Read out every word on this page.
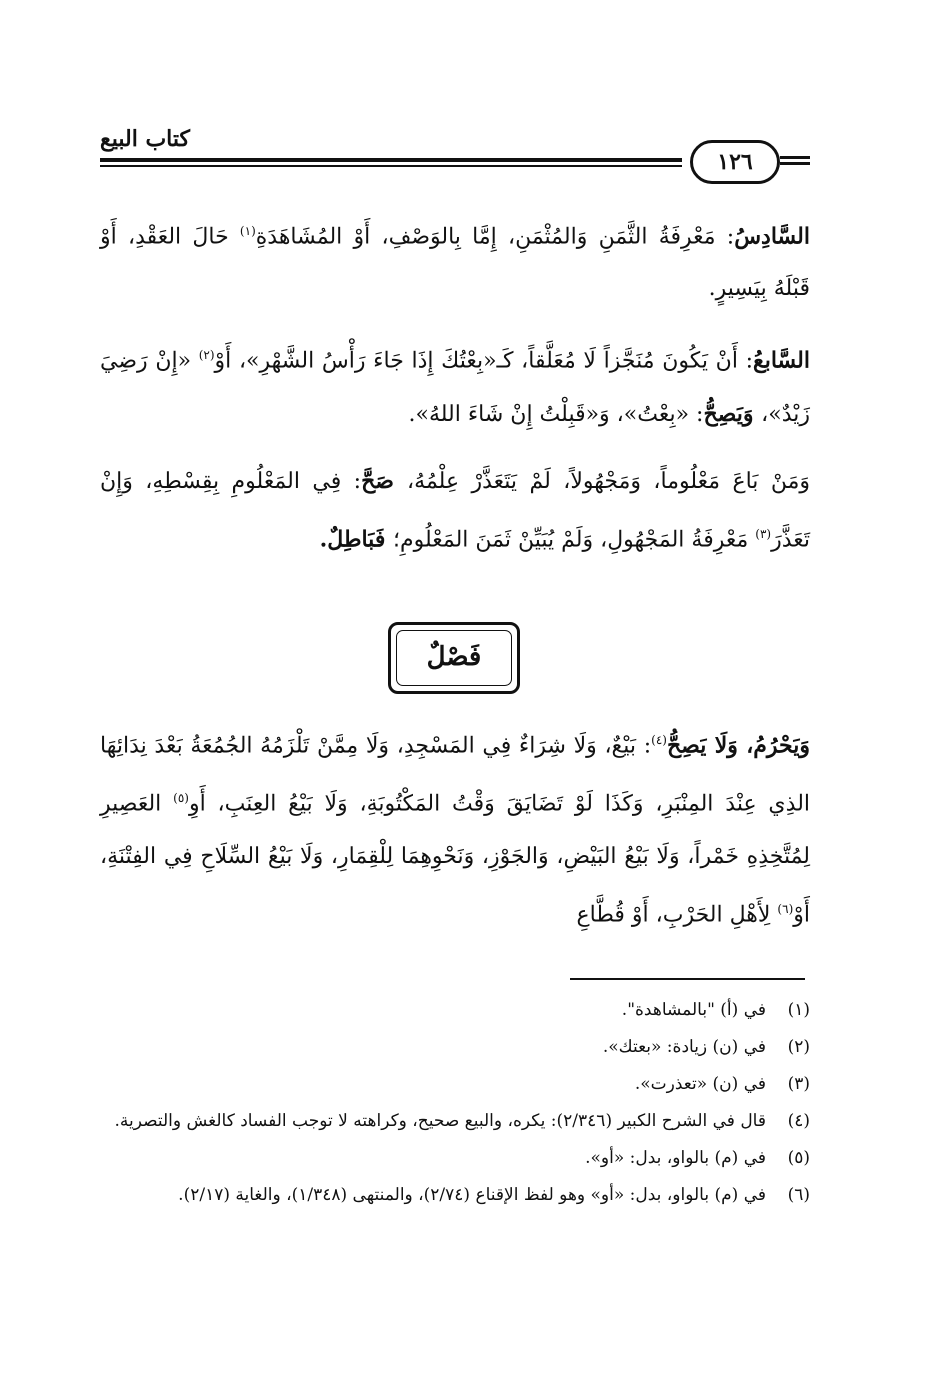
كتاب البيع
١٢٦

السَّادِسُ: مَعْرِفَةُ الثَّمَنِ وَالمُثْمَنِ، إِمَّا بِالوَصْفِ، أَوْ المُشَاهَدَةِ$^{(١)}$ حَالَ العَقْدِ، أَوْ قَبْلَهُ بِيَسِيرٍ.

السَّابعُ: أَنْ يَكُونَ مُنَجَّزاً لَا مُعَلَّقاً، كَـ«بِعْتُكَ إِذَا جَاءَ رَأْسُ الشَّهْرِ»، أَوْ$^{(٢)}$ «إِنْ رَضِيَ زَيْدٌ»، وَيَصِحُّ: «بِعْتُ»، وَ«قَبِلْتُ إِنْ شَاءَ اللهُ».

وَمَنْ بَاعَ مَعْلُوماً، وَمَجْهُولاً، لَمْ يَتَعَذَّرْ عِلْمُهُ، صَحَّ: فِي المَعْلُومِ بِقِسْطِهِ، وَإِنْ تَعَذَّرَ$^{(٣)}$ مَعْرِفَةُ المَجْهُولِ، وَلَمْ يُبَيِّنْ ثَمَنَ المَعْلُومِ؛ فَبَاطِلٌ.

فَصْلٌ

وَيَحْرُمُ، وَلَا يَصِحُّ$^{(٤)}$: بَيْعٌ، وَلَا شِرَاءٌ فِي المَسْجِدِ، وَلَا مِمَّنْ تَلْزَمُهُ الجُمُعَةُ بَعْدَ نِدَائِهَا الذِي عِنْدَ المِنْبَرِ، وَكَذَا لَوْ تَضَايَقَ وَقْتُ المَكْتُوبَةِ، وَلَا بَيْعُ العِنَبِ، أَوِ$^{(٥)}$ العَصِيرِ لِمُتَّخِذِهِ خَمْراً، وَلَا بَيْعُ البَيْضِ، وَالجَوْزِ، وَنَحْوِهِمَا لِلْقِمَارِ، وَلَا بَيْعُ السِّلَاحِ فِي الفِتْنَةِ، أَوْ$^{(٦)}$ لِأَهْلِ الحَرْبِ، أَوْ قُطَّاعِ

(١)
في (أ) "بالمشاهدة".
(٢)
في (ن) زيادة: «بعتك».
(٣)
في (ن) «تعذرت».
(٤)
قال في الشرح الكبير (٢/٣٤٦): يكره، والبيع صحيح، وكراهته لا توجب الفساد كالغش والتصرية.
(٥)
في (م) بالواو، بدل: «أو».
(٦)
في (م) بالواو، بدل: «أو» وهو لفظ الإقناع (٢/٧٤)، والمنتهى (١/٣٤٨)، والغاية (٢/١٧).
